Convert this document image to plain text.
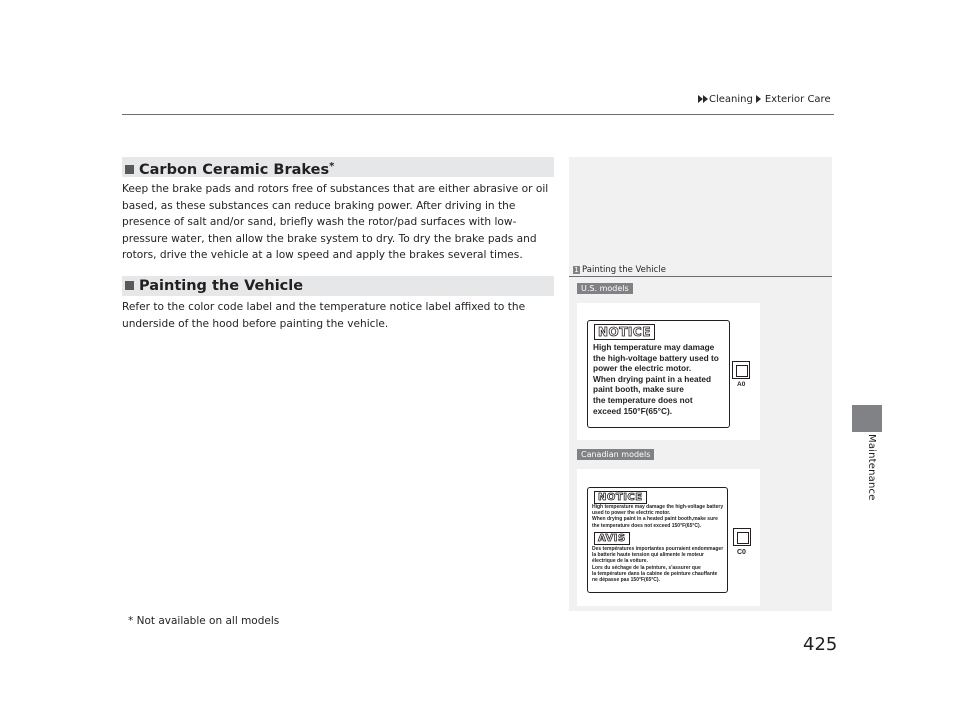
Cleaning Exterior Care
Maintenance
Carbon Ceramic Brakes*
Keep the brake pads and rotors free of substances that are either abrasive or oil based, as these substances can reduce braking power. After driving in the presence of salt and/or sand, briefly wash the rotor/pad surfaces with low-pressure water, then allow the brake system to dry. To dry the brake pads and rotors, drive the vehicle at a low speed and apply the brakes several times.
Painting the Vehicle
Refer to the color code label and the temperature notice label affixed to the underside of the hood before painting the vehicle.
1 Painting the Vehicle
U.S. models
NOTICE
High temperature may damage
the high-voltage battery used to
power the electric motor.
When drying paint in a heated
paint booth, make sure
the temperature does not
exceed 150°F(65°C).
A0
Canadian models
NOTICE
High temperature may damage the high-voltage battery
used to power the electric motor.
When drying paint in a heated paint booth,make sure
the temperature does not exceed 150°F(65°C).
AVIS
Des températures importantes pourraient endommager
la batterie haute tension qui alimente le moteur
électrique de la voiture.
Lors du séchage de la peinture, s'assurer que
la température dans la cabine de peinture chauffante
ne dépasse pas 150°F(65°C).
C0
* Not available on all models
425
